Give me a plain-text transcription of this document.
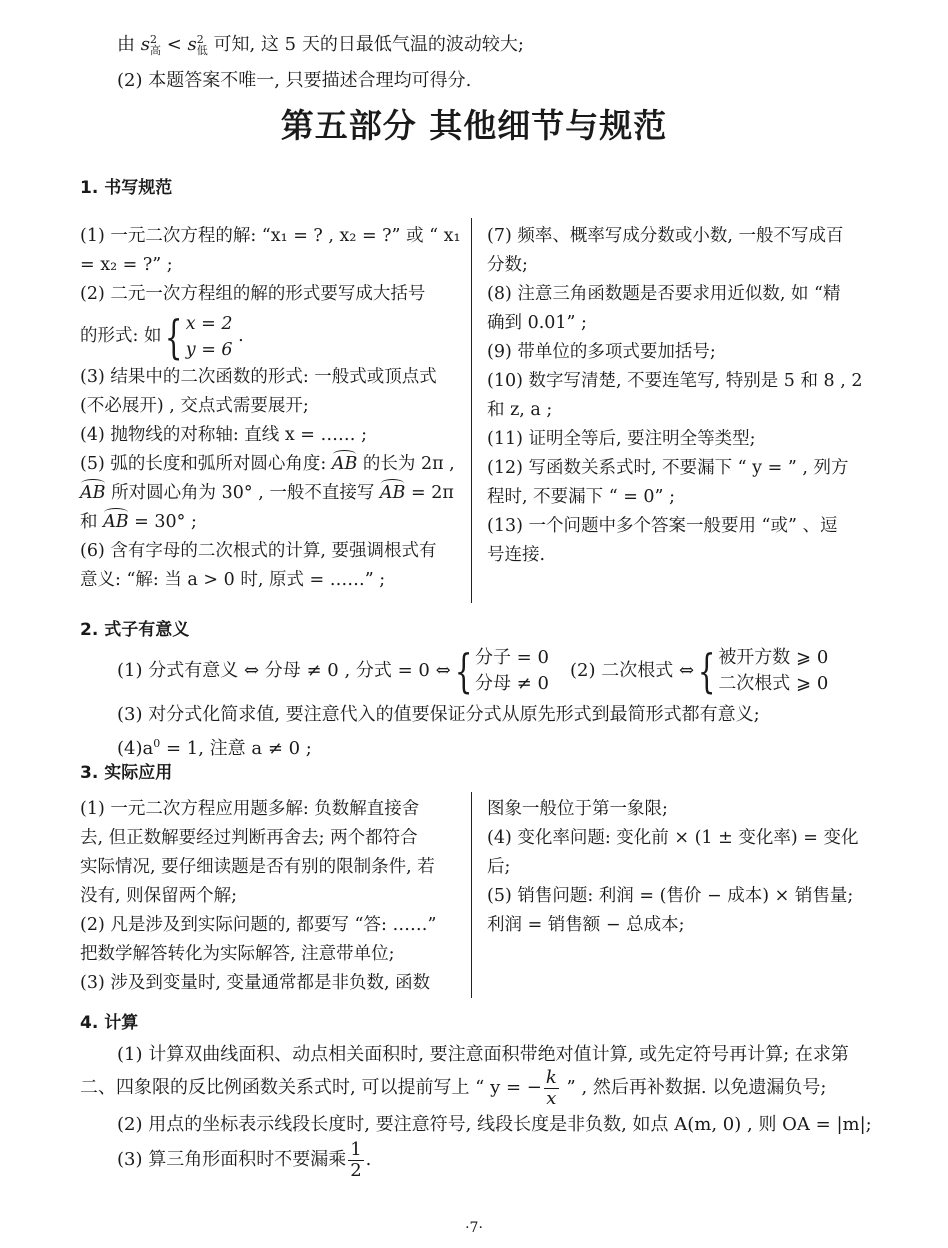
由 s 2
高 < s 2
低 可知, 这 5 天的日最低气温的波动较大;
(2) 本题答案不唯一, 只要描述合理均可得分.
第五部分 其他细节与规范
1. 书写规范

(1) 一元二次方程的解: “x₁ = ? , x₂ = ?” 或 “ x₁

= x₂ = ?” ;

(2) 二元一次方程组的解的形式要写成大括号

的形式: 如{ x = 2
y = 6
.

(3) 结果中的二次函数的形式: 一般式或顶点式

(不必展开) , 交点式需要展开;

(4) 抛物线的对称轴: 直线 x = …… ;

(5) 弧的长度和弧所对圆心角度: AB 的长为 2π ,

AB 所对圆心角为 30° , 一般不直接写 AB = 2π

和 AB = 30° ;

(6) 含有字母的二次根式的计算, 要强调根式有

意义: “解: 当 a > 0 时, 原式 = ……” ;

(7) 频率、概率写成分数或小数, 一般不写成百

分数;

(8) 注意三角函数题是否要求用近似数, 如 “精

确到 0.01” ;

(9) 带单位的多项式要加括号;

(10) 数字写清楚, 不要连笔写, 特别是 5 和 8 , 2

和 z, a ;

(11) 证明全等后, 要注明全等类型;

(12) 写函数关系式时, 不要漏下 “ y = ” , 列方

程时, 不要漏下 “ = 0” ;

(13) 一个问题中多个答案一般要用 “或” 、逗

号连接.

2. 式子有意义
(1) 分式有意义 ⇔ 分母 ≠ 0 , 分式 = 0 ⇔{ 分子 = 0
分母 ≠ 0
(2) 二次根式 ⇔{ 被开方数 ⩾ 0
二次根式 ⩾ 0
(3) 对分式化简求值, 要注意代入的值要保证分式从原先形式到最简形式都有意义;
$(4)a^0 = 1$, 注意 a ≠ 0 ;
3. 实际应用

(1) 一元二次方程应用题多解: 负数解直接舍

去, 但正数解要经过判断再舍去; 两个都符合

实际情况, 要仔细读题是否有别的限制条件, 若

没有, 则保留两个解;

(2) 凡是涉及到实际问题的, 都要写 “答: ……”

把数学解答转化为实际解答, 注意带单位;

(3) 涉及到变量时, 变量通常都是非负数, 函数

图象一般位于第一象限;

(4) 变化率问题: 变化前 × (1 ± 变化率) = 变化

后;

(5) 销售问题: 利润 = (售价 − 成本) × 销售量;

利润 = 销售额 − 总成本;

4. 计算
(1) 计算双曲线面积、动点相关面积时, 要注意面积带绝对值计算, 或先定符号再计算; 在求第
二、四象限的反比例函数关系式时, 可以提前写上 “ y = − $\frac{k}{x}$ ” , 然后再补数据. 以免遗漏负号;
(2) 用点的坐标表示线段长度时, 要注意符号, 线段长度是非负数, 如点 A(m, 0) , 则 OA = |m|;
(3) 算三角形面积时不要漏乘 $\frac{1}{2}$ .
·7·
